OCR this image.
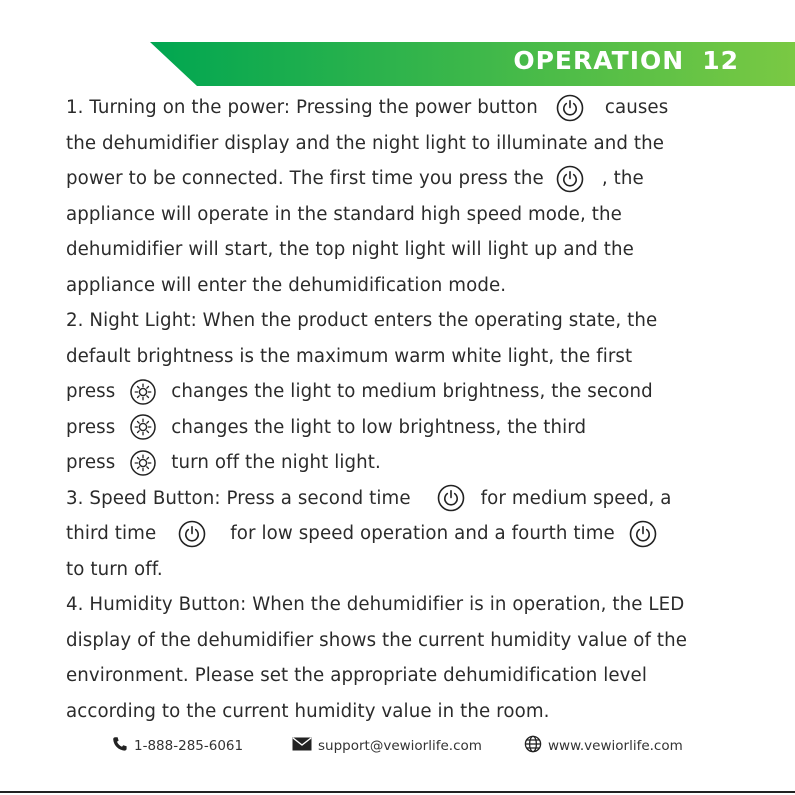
OPERATION 12
1. Turning on the power: Pressing the power button	causes
the dehumidifier display and the night light to illuminate and the
power to be connected. The first time you press the	, the
appliance will operate in the standard high speed mode, the
dehumidifier will start, the top night light will light up and the
appliance will enter the dehumidification mode.
2. Night Light: When the product enters the operating state, the
default brightness is the maximum warm white light, the first
press	changes the light to medium brightness, the second
press	changes the light to low brightness, the third
press	turn off the night light.
3. Speed Button: Press a second time	for medium speed, a
third time	for low speed operation and a fourth time
to turn off.
4. Humidity Button: When the dehumidifier is in operation, the LED
display of the dehumidifier shows the current humidity value of the
environment. Please set the appropriate dehumidification level
according to the current humidity value in the room.
1-888-285-6061	support@vewiorlife.com	www.vewiorlife.com
